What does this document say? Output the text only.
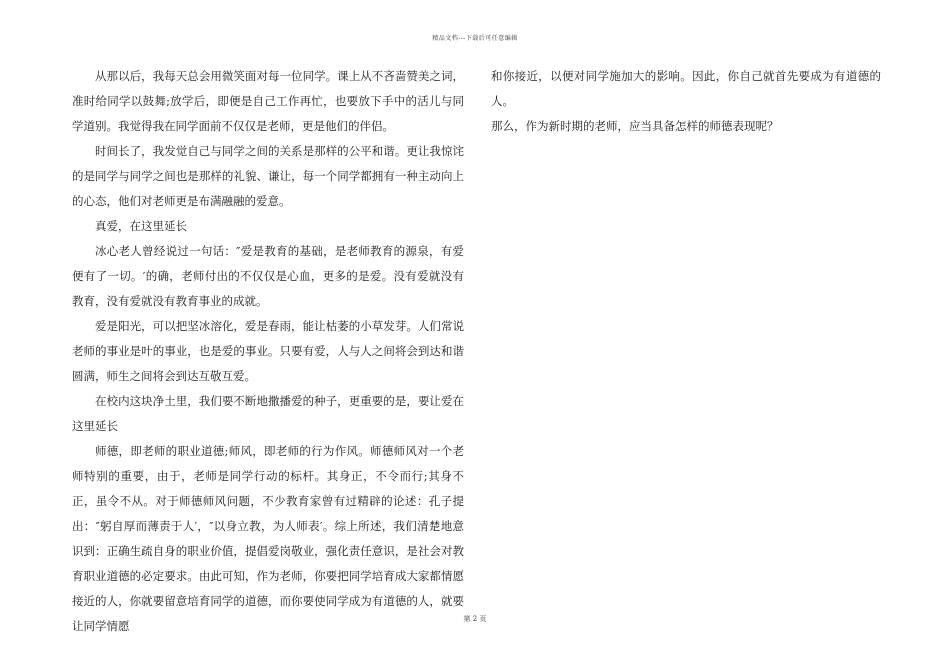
精品文档---下载后可任意编辑

从那以后，我每天总会用微笑面对每一位同学。课上从不吝啬赞美之词，准时给同学以鼓舞;放学后，即便是自己工作再忙，也要放下手中的活儿与同学道别。我觉得我在同学面前不仅仅是老师，更是他们的伴侣。

时间长了，我发觉自己与同学之间的关系是那样的公平和谐。更让我惊诧的是同学与同学之间也是那样的礼貌、谦让，每一个同学都拥有一种主动向上的心态，他们对老师更是布满融融的爱意。

真爱，在这里延长

冰心老人曾经说过一句话：″爱是教育的基础，是老师教育的源泉，有爱便有了一切。′的确，老师付出的不仅仅是心血，更多的是爱。没有爱就没有教育，没有爱就没有教育事业的成就。

爱是阳光，可以把坚冰溶化，爱是春雨，能让枯萎的小草发芽。人们常说老师的事业是叶的事业，也是爱的事业。只要有爱，人与人之间将会到达和谐圆满，师生之间将会到达互敬互爱。

在校内这块净土里，我们要不断地撒播爱的种子，更重要的是，要让爱在这里延长

师德，即老师的职业道德;师风，即老师的行为作风。师德师风对一个老师特别的重要，由于，老师是同学行动的标杆。其身正，不令而行;其身不正，虽令不从。对于师德师风问题，不少教育家曾有过精辟的论述：孔子提出：″躬自厚而薄责于人′，″以身立教，为人师表′。综上所述，我们清楚地意识到：正确生疏自身的职业价值，提倡爱岗敬业，强化责任意识，是社会对教育职业道德的必定要求。由此可知，作为老师，你要把同学培育成大家都情愿接近的人，你就要留意培育同学的道德，而你要使同学成为有道德的人，就要让同学情愿

和你接近，以便对同学施加大的影响。因此，你自己就首先要成为有道德的人。

那么，作为新时期的老师，应当具备怎样的师德表现呢？

第 2 页
